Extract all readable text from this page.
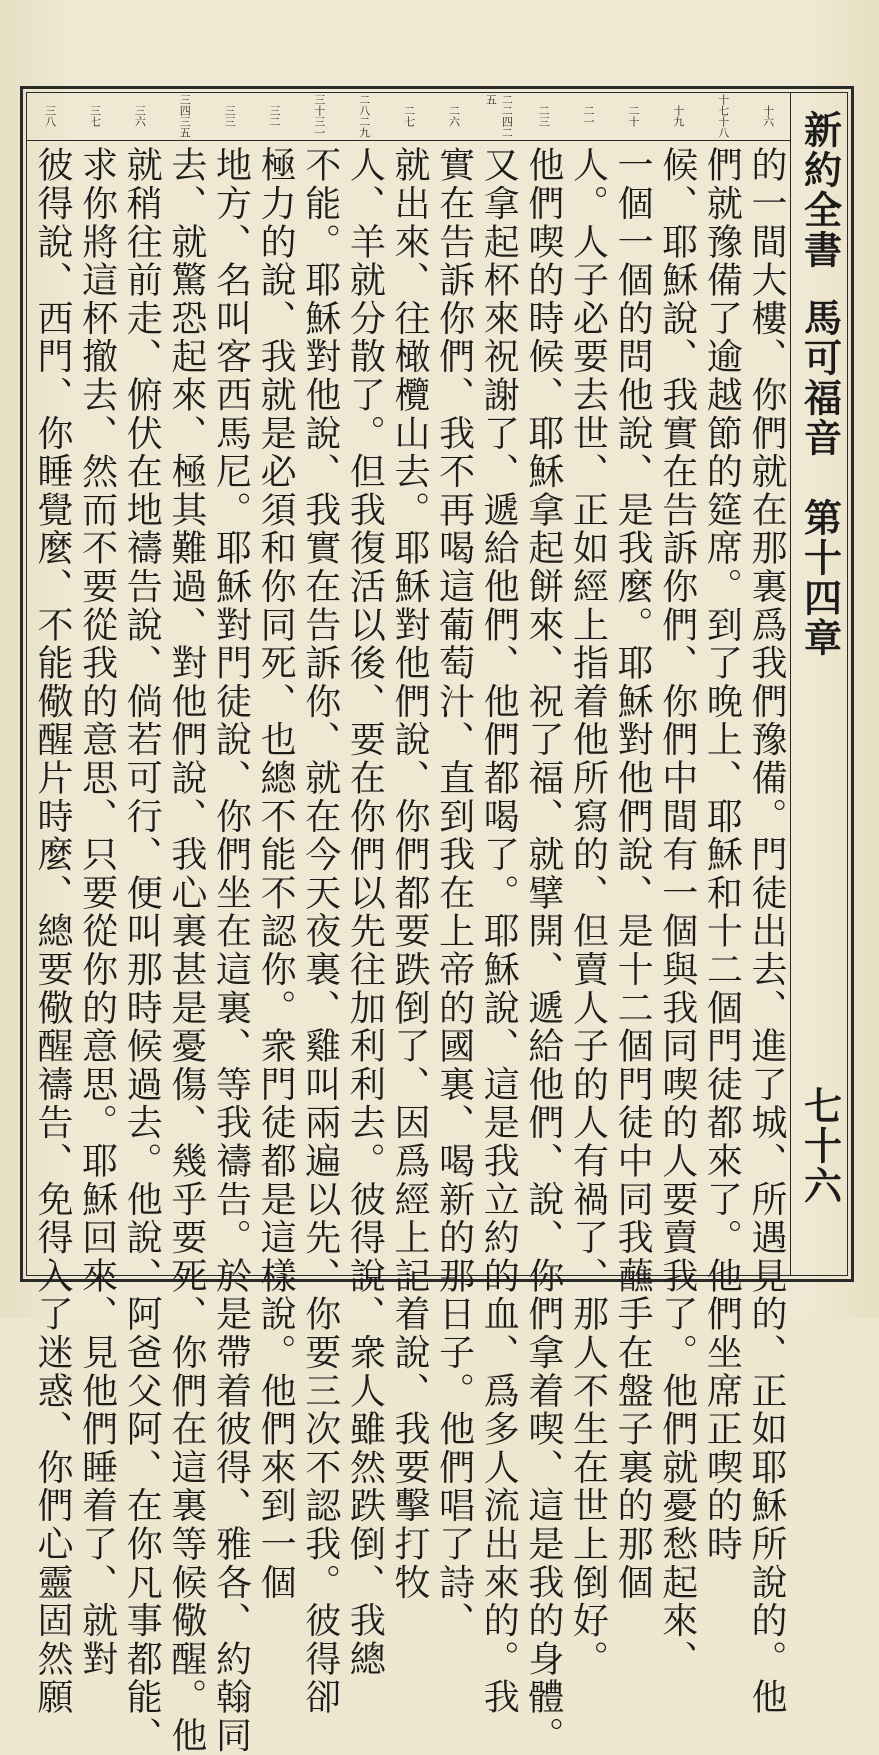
新約全書
馬可福音
第十四章
七十六
十六
十七十八
十九
二十
二一
二三
二二四二五
二六
二七
二八二九
三十三一
三二
三三
三四三五
三六
三七
三八
的一間大樓、你們就在那裏爲我們豫備。門徒出去、進了城、所遇見的、正如耶穌所說的。他
們就豫備了逾越節的筵席。到了晚上、耶穌和十二個門徒都來了。他們坐席正喫的時
候、耶穌說、我實在告訴你們、你們中間有一個與我同喫的人要賣我了。他們就憂愁起來、
一個一個的問他說、是我麼。耶穌對他們說、是十二個門徒中同我蘸手在盤子裏的那個
人。人子必要去世、正如經上指着他所寫的、但賣人子的人有禍了、那人不生在世上倒好。
他們喫的時候、耶穌拿起餅來、祝了福、就擘開、遞給他們、說、你們拿着喫、這是我的身體。
又拿起杯來祝謝了、遞給他們、他們都喝了。耶穌說、這是我立約的血、爲多人流出來的。我
實在告訴你們、我不再喝這葡萄汁、直到我在上帝的國裏、喝新的那日子。他們唱了詩、
就出來、往橄欖山去。耶穌對他們說、你們都要跌倒了、因爲經上記着說、我要擊打牧
人、羊就分散了。但我復活以後、要在你們以先往加利利去。彼得說、衆人雖然跌倒、我總
不能。耶穌對他說、我實在告訴你、就在今天夜裏、雞叫兩遍以先、你要三次不認我。彼得卻
極力的說、我就是必須和你同死、也總不能不認你。衆門徒都是這樣說。他們來到一個
地方、名叫客西馬尼。耶穌對門徒說、你們坐在這裏、等我禱告。於是帶着彼得、雅各、約翰同
去、就驚恐起來、極其難過、對他們說、我心裏甚是憂傷、幾乎要死、你們在這裏等候儆醒。他
就稍往前走、俯伏在地禱告說、倘若可行、便叫那時候過去。他說、阿爸父阿、在你凡事都能、
求你將這杯撤去、然而不要從我的意思、只要從你的意思。耶穌回來、見他們睡着了、就對
彼得說、西門、你睡覺麼、不能儆醒片時麼、總要儆醒禱告、免得入了迷惑、你們心靈固然願
